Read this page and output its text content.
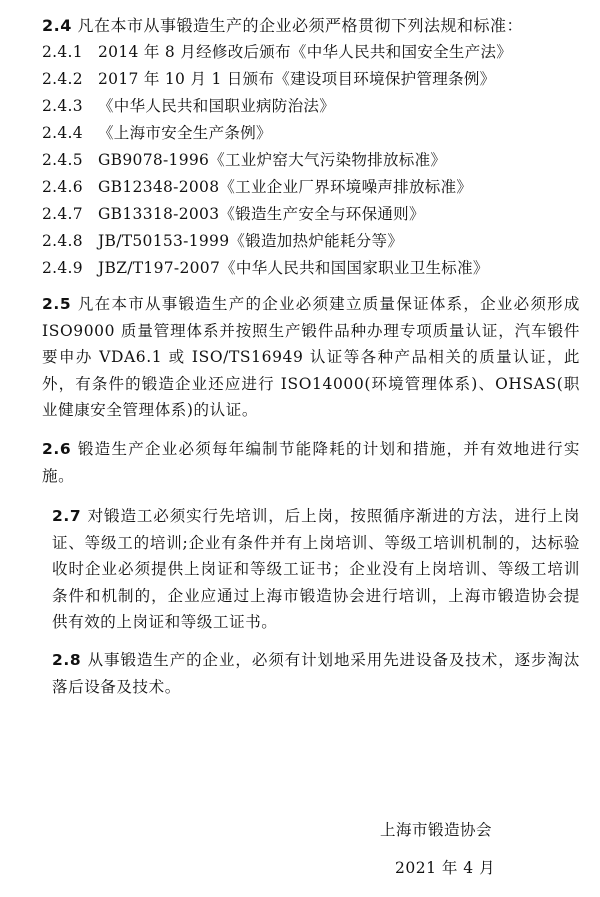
2.4 凡在本市从事锻造生产的企业必须严格贯彻下列法规和标准：
2.4.1 2014 年 8 月经修改后颁布《中华人民共和国安全生产法》
2.4.2 2017 年 10 月 1 日颁布《建设项目环境保护管理条例》
2.4.3 《中华人民共和国职业病防治法》
2.4.4 《上海市安全生产条例》
2.4.5 GB9078-1996《工业炉窑大气污染物排放标准》
2.4.6 GB12348-2008《工业企业厂界环境噪声排放标准》
2.4.7 GB13318-2003《锻造生产安全与环保通则》
2.4.8 JB/T50153-1999《锻造加热炉能耗分等》
2.4.9 JBZ/T197-2007《中华人民共和国国家职业卫生标准》
2.5 凡在本市从事锻造生产的企业必须建立质量保证体系，企业必须形成 ISO9000 质量管理体系并按照生产锻件品种办理专项质量认证，汽车锻件要申办 VDA6.1 或 ISO/TS16949 认证等各种产品相关的质量认证，此外，有条件的锻造企业还应进行 ISO14000(环境管理体系)、OHSAS(职业健康安全管理体系)的认证。
2.6 锻造生产企业必须每年编制节能降耗的计划和措施，并有效地进行实施。
2.7 对锻造工必须实行先培训，后上岗，按照循序渐进的方法，进行上岗证、等级工的培训;企业有条件并有上岗培训、等级工培训机制的，达标验收时企业必须提供上岗证和等级工证书；企业没有上岗培训、等级工培训条件和机制的，企业应通过上海市锻造协会进行培训，上海市锻造协会提供有效的上岗证和等级工证书。
2.8 从事锻造生产的企业，必须有计划地采用先进设备及技术，逐步淘汰落后设备及技术。
上海市锻造协会
2021 年 4 月
